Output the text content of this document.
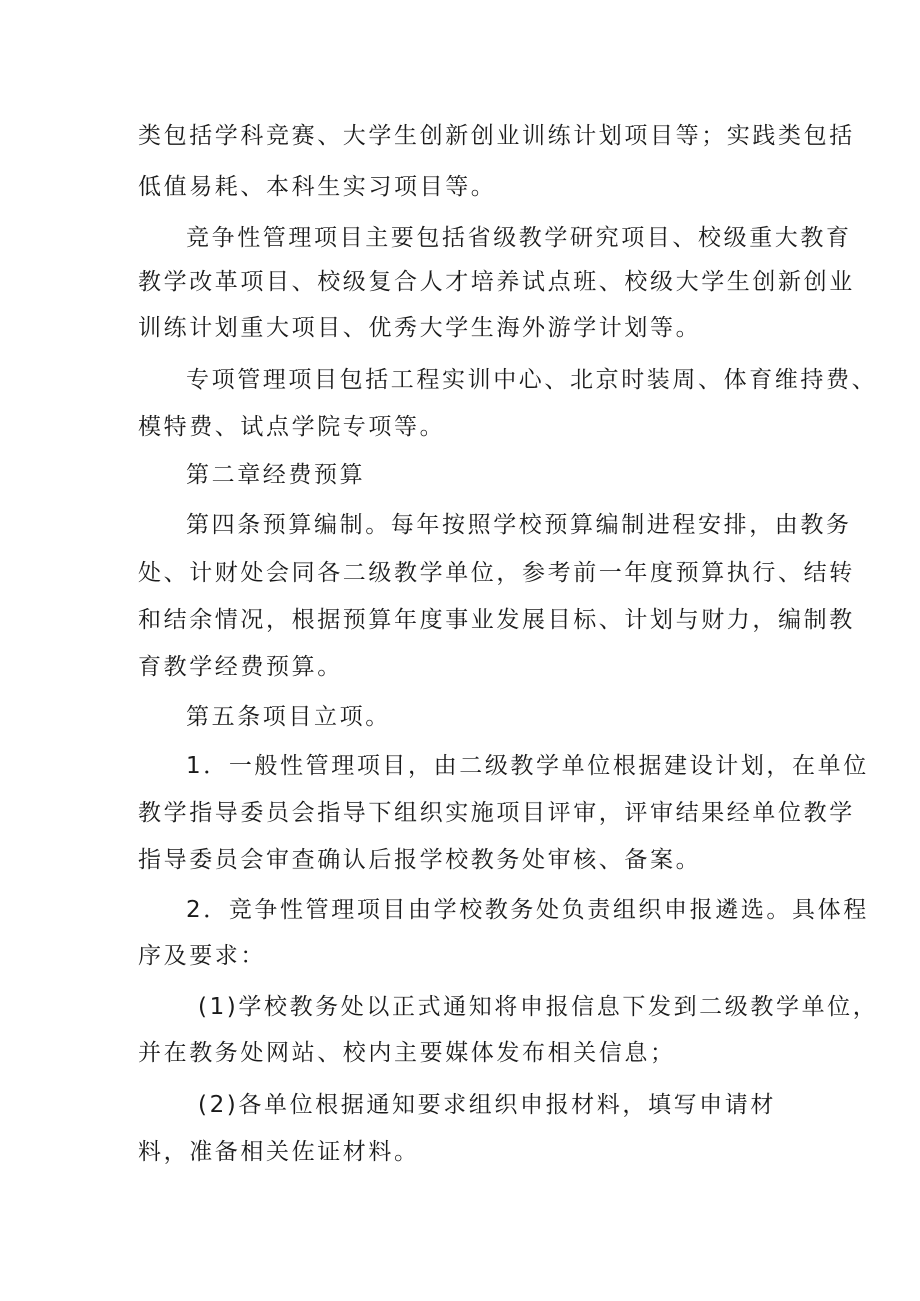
类包括学科竞赛、大学生创新创业训练计划项目等；实践类包括
低值易耗、本科生实习项目等。
竞争性管理项目主要包括省级教学研究项目、校级重大教育
教学改革项目、校级复合人才培养试点班、校级大学生创新创业
训练计划重大项目、优秀大学生海外游学计划等。
专项管理项目包括工程实训中心、北京时装周、体育维持费、
模特费、试点学院专项等。
第二章经费预算
第四条预算编制。每年按照学校预算编制进程安排，由教务
处、计财处会同各二级教学单位，参考前一年度预算执行、结转
和结余情况，根据预算年度事业发展目标、计划与财力，编制教
育教学经费预算。
第五条项目立项。
1．一般性管理项目，由二级教学单位根据建设计划，在单位
教学指导委员会指导下组织实施项目评审，评审结果经单位教学
指导委员会审查确认后报学校教务处审核、备案。
2．竞争性管理项目由学校教务处负责组织申报遴选。具体程
序及要求：
(1)学校教务处以正式通知将申报信息下发到二级教学单位，
并在教务处网站、校内主要媒体发布相关信息；
(2)各单位根据通知要求组织申报材料，填写申请材
料，准备相关佐证材料。
